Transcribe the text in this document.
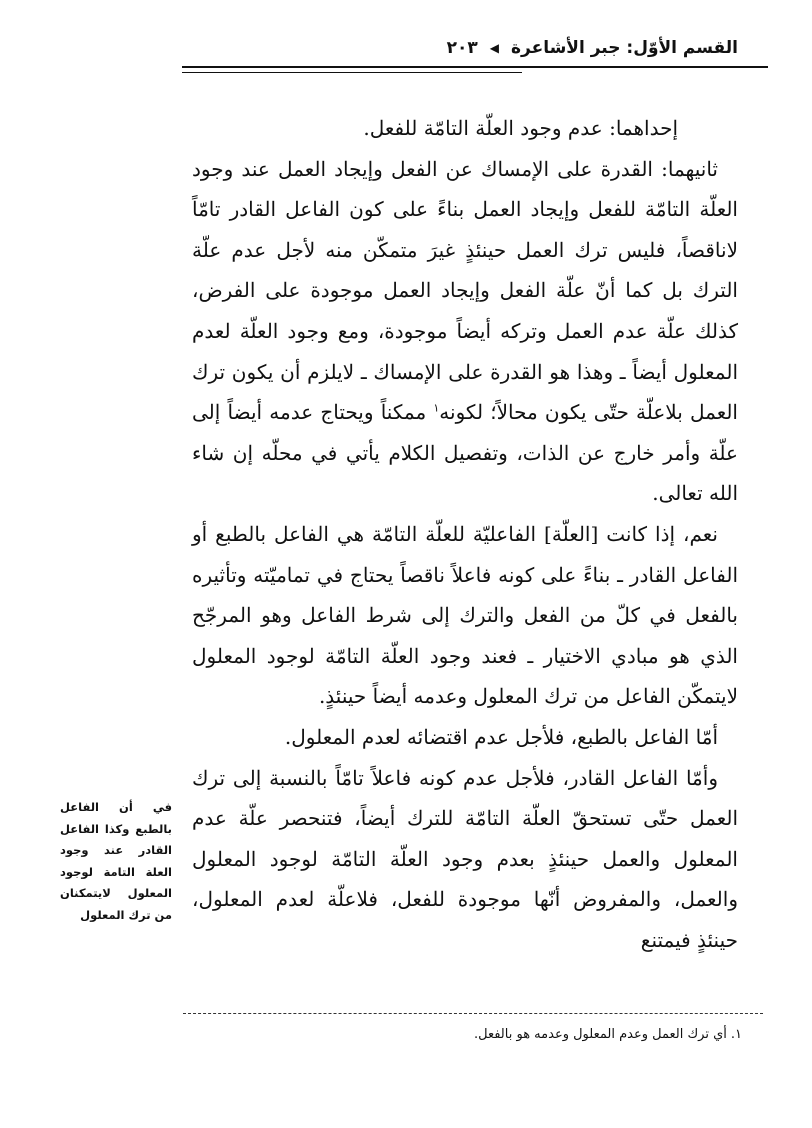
القسم الأوّل: جبر الأشاعرة
◀
٢٠٣

إحداهما: عدم وجود العلّة التامّة للفعل.

ثانيهما: القدرة على الإمساك عن الفعل وإيجاد العمل عند وجود العلّة التامّة للفعل وإيجاد العمل بناءً على كون الفاعل القادر تامّاً لاناقصاً، فليس ترك العمل حينئذٍ غيرَ متمكّن منه لأجل عدم علّة الترك بل كما أنّ علّة الفعل وإيجاد العمل موجودة على الفرض، كذلك علّة عدم العمل وتركه أيضاً موجودة، ومع وجود العلّة لعدم المعلول أيضاً ـ وهذا هو القدرة على الإمساك ـ لايلزم أن يكون ترك العمل بلاعلّة حتّى يكون محالاً؛ لكونه$^١$ ممكناً ويحتاج عدمه أيضاً إلى علّة وأمر خارج عن الذات، وتفصيل الكلام يأتي في محلّه إن شاء الله تعالى.

نعم، إذا كانت [العلّة] الفاعليّة للعلّة التامّة هي الفاعل بالطبع أو الفاعل القادر ـ بناءً على كونه فاعلاً ناقصاً يحتاج في تماميّته وتأثيره بالفعل في كلّ من الفعل والترك إلى شرط الفاعل وهو المرجّح الذي هو مبادي الاختيار ـ فعند وجود العلّة التامّة لوجود المعلول لايتمكّن الفاعل من ترك المعلول وعدمه أيضاً حينئذٍ.

أمّا الفاعل بالطبع، فلأجل عدم اقتضائه لعدم المعلول.

وأمّا الفاعل القادر، فلأجل عدم كونه فاعلاً تامّاً بالنسبة إلى ترك العمل حتّى تستحقّ العلّة التامّة للترك أيضاً، فتنحصر علّة عدم المعلول والعمل حينئذٍ بعدم وجود العلّة التامّة لوجود المعلول والعمل، والمفروض أنّها موجودة للفعل، فلاعلّة لعدم المعلول، حينئذٍ فيمتنع

في أن الفاعل بالطبع وكذا الفاعل القادر عند وجود العلة التامة لوجود المعلول لايتمكنان من ترك المعلول
١.أي ترك العمل وعدم المعلول وعدمه هو بالفعل.
